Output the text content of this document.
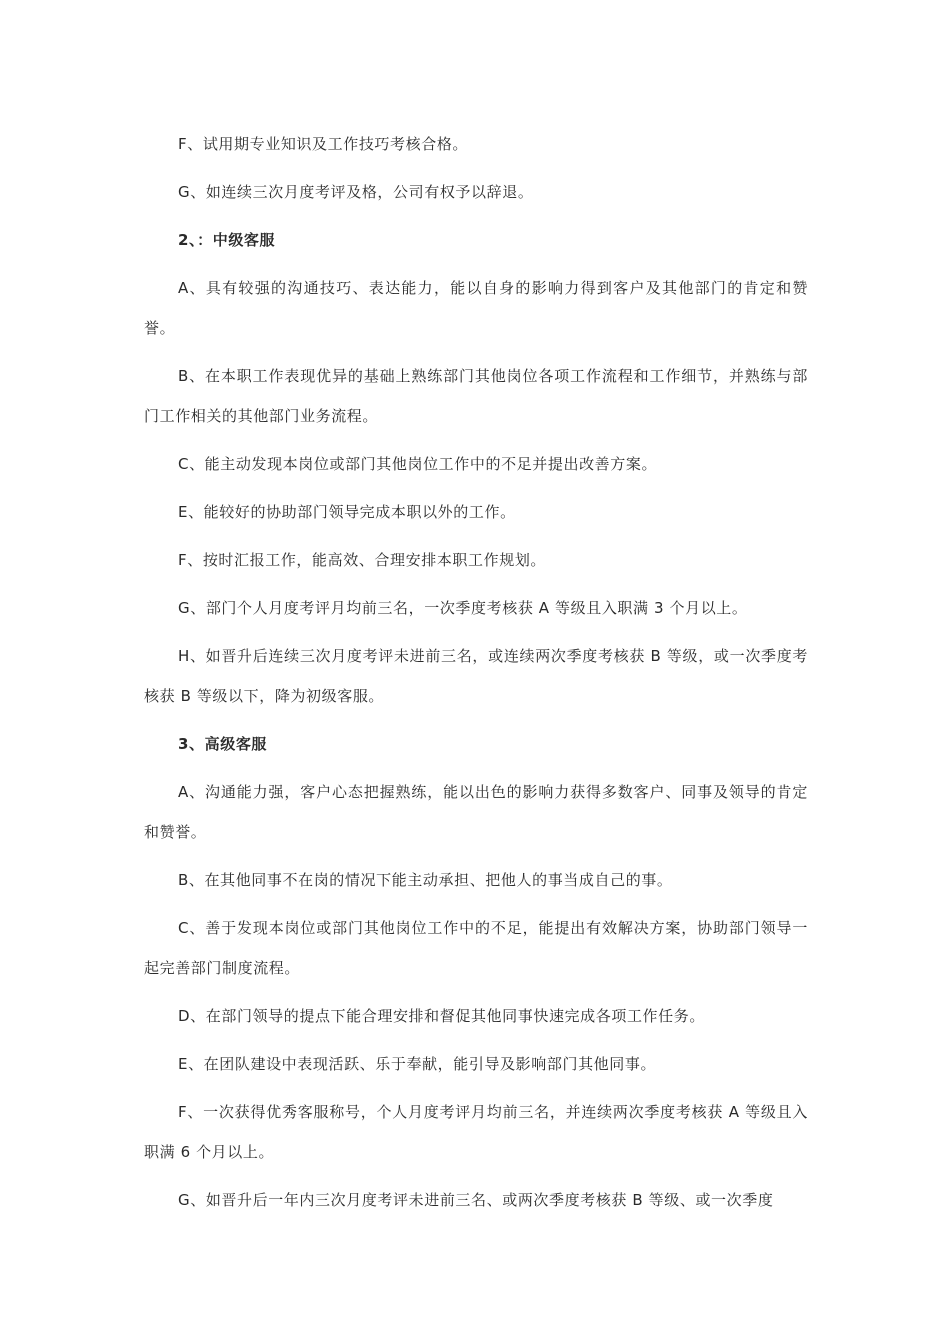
F、试用期专业知识及工作技巧考核合格。

G、如连续三次月度考评及格，公司有权予以辞退。

2、：中级客服

A、具有较强的沟通技巧、表达能力，能以自身的影响力得到客户及其他部门的肯定和赞誉。

B、在本职工作表现优异的基础上熟练部门其他岗位各项工作流程和工作细节，并熟练与部门工作相关的其他部门业务流程。

C、能主动发现本岗位或部门其他岗位工作中的不足并提出改善方案。

E、能较好的协助部门领导完成本职以外的工作。

F、按时汇报工作，能高效、合理安排本职工作规划。

G、部门个人月度考评月均前三名，一次季度考核获 A 等级且入职满 3 个月以上。

H、如晋升后连续三次月度考评未进前三名，或连续两次季度考核获 B 等级，或一次季度考核获 B 等级以下，降为初级客服。

3、高级客服

A、沟通能力强，客户心态把握熟练，能以出色的影响力获得多数客户、同事及领导的肯定和赞誉。

B、在其他同事不在岗的情况下能主动承担、把他人的事当成自己的事。

C、善于发现本岗位或部门其他岗位工作中的不足，能提出有效解决方案，协助部门领导一起完善部门制度流程。

D、在部门领导的提点下能合理安排和督促其他同事快速完成各项工作任务。

E、在团队建设中表现活跃、乐于奉献，能引导及影响部门其他同事。

F、一次获得优秀客服称号，个人月度考评月均前三名，并连续两次季度考核获 A 等级且入职满 6 个月以上。

G、如晋升后一年内三次月度考评未进前三名、或两次季度考核获 B 等级、或一次季度
